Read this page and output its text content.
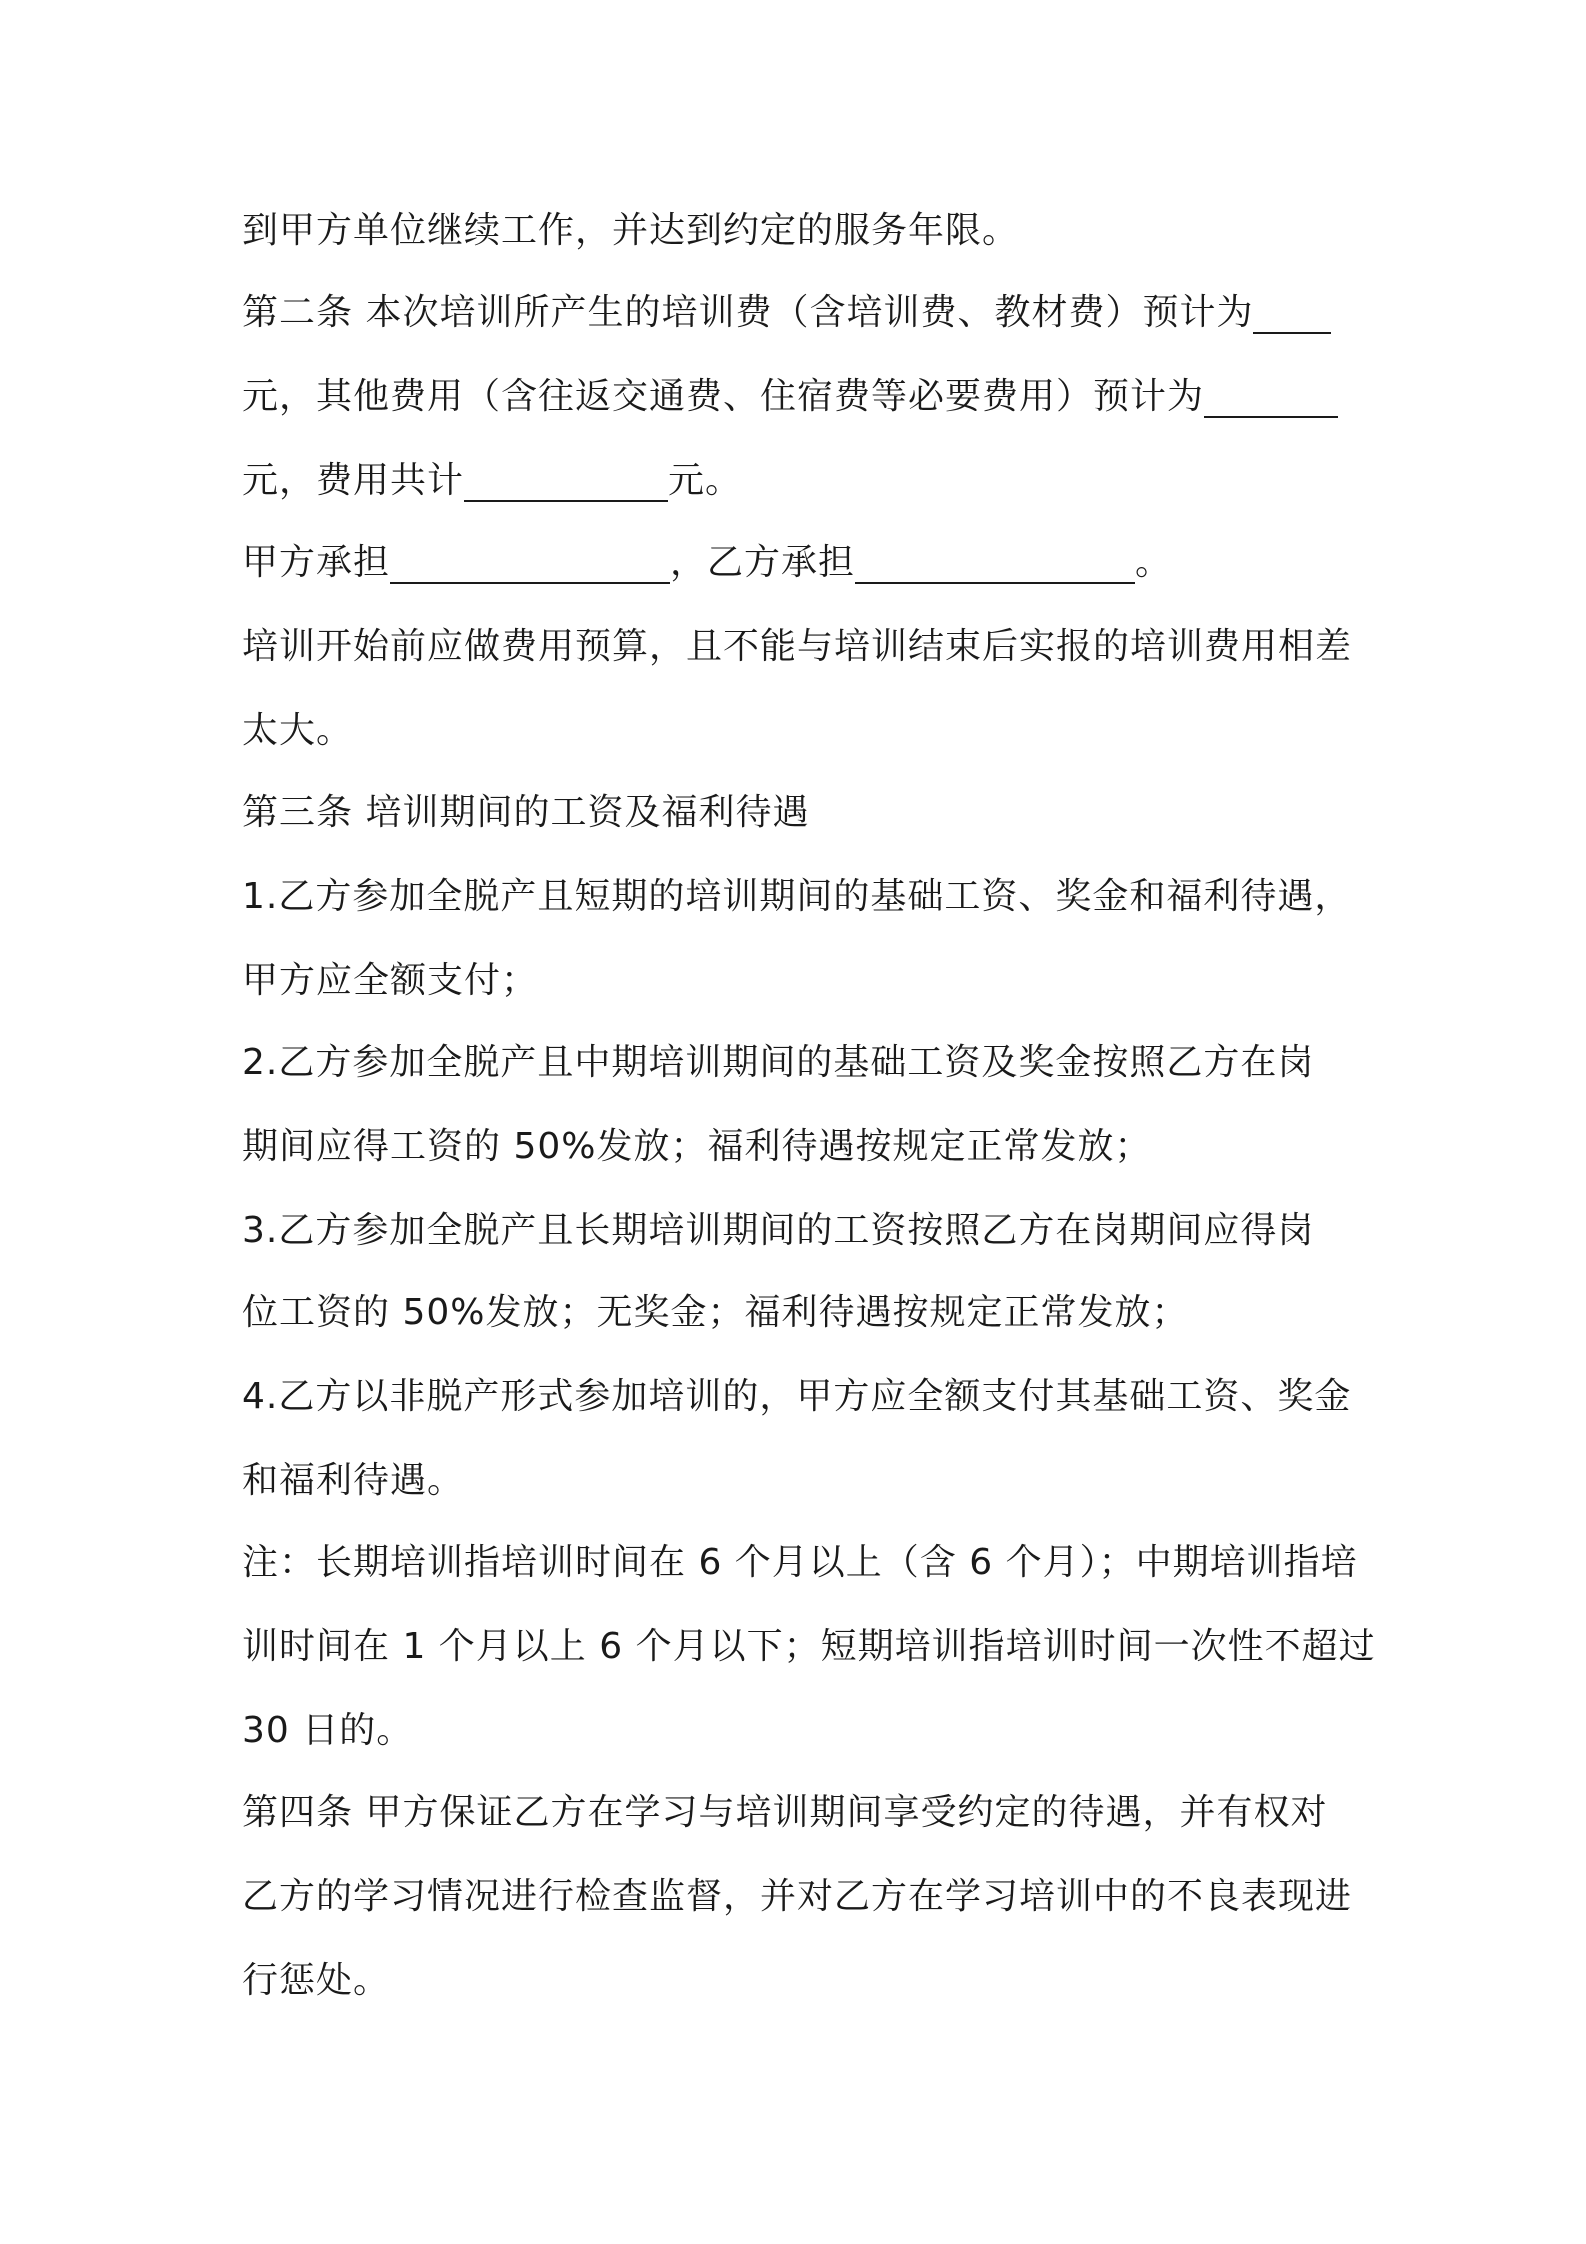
到甲方单位继续工作，并达到约定的服务年限。

第二条 本次培训所产生的培训费（含培训费、教材费）预计为

元，其他费用（含往返交通费、住宿费等必要费用）预计为

元，费用共计	元。

甲方承担	，乙方承担	。

培训开始前应做费用预算，且不能与培训结束后实报的培训费用相差

太大。

第三条 培训期间的工资及福利待遇

1.乙方参加全脱产且短期的培训期间的基础工资、奖金和福利待遇，

甲方应全额支付；

2.乙方参加全脱产且中期培训期间的基础工资及奖金按照乙方在岗

期间应得工资的 50%发放；福利待遇按规定正常发放；

3.乙方参加全脱产且长期培训期间的工资按照乙方在岗期间应得岗

位工资的 50%发放；无奖金；福利待遇按规定正常发放；

4.乙方以非脱产形式参加培训的，甲方应全额支付其基础工资、奖金

和福利待遇。

注：长期培训指培训时间在 6 个月以上（含 6 个月）；中期培训指培

训时间在 1 个月以上 6 个月以下；短期培训指培训时间一次性不超过

30 日的。

第四条 甲方保证乙方在学习与培训期间享受约定的待遇，并有权对

乙方的学习情况进行检查监督，并对乙方在学习培训中的不良表现进

行惩处。
